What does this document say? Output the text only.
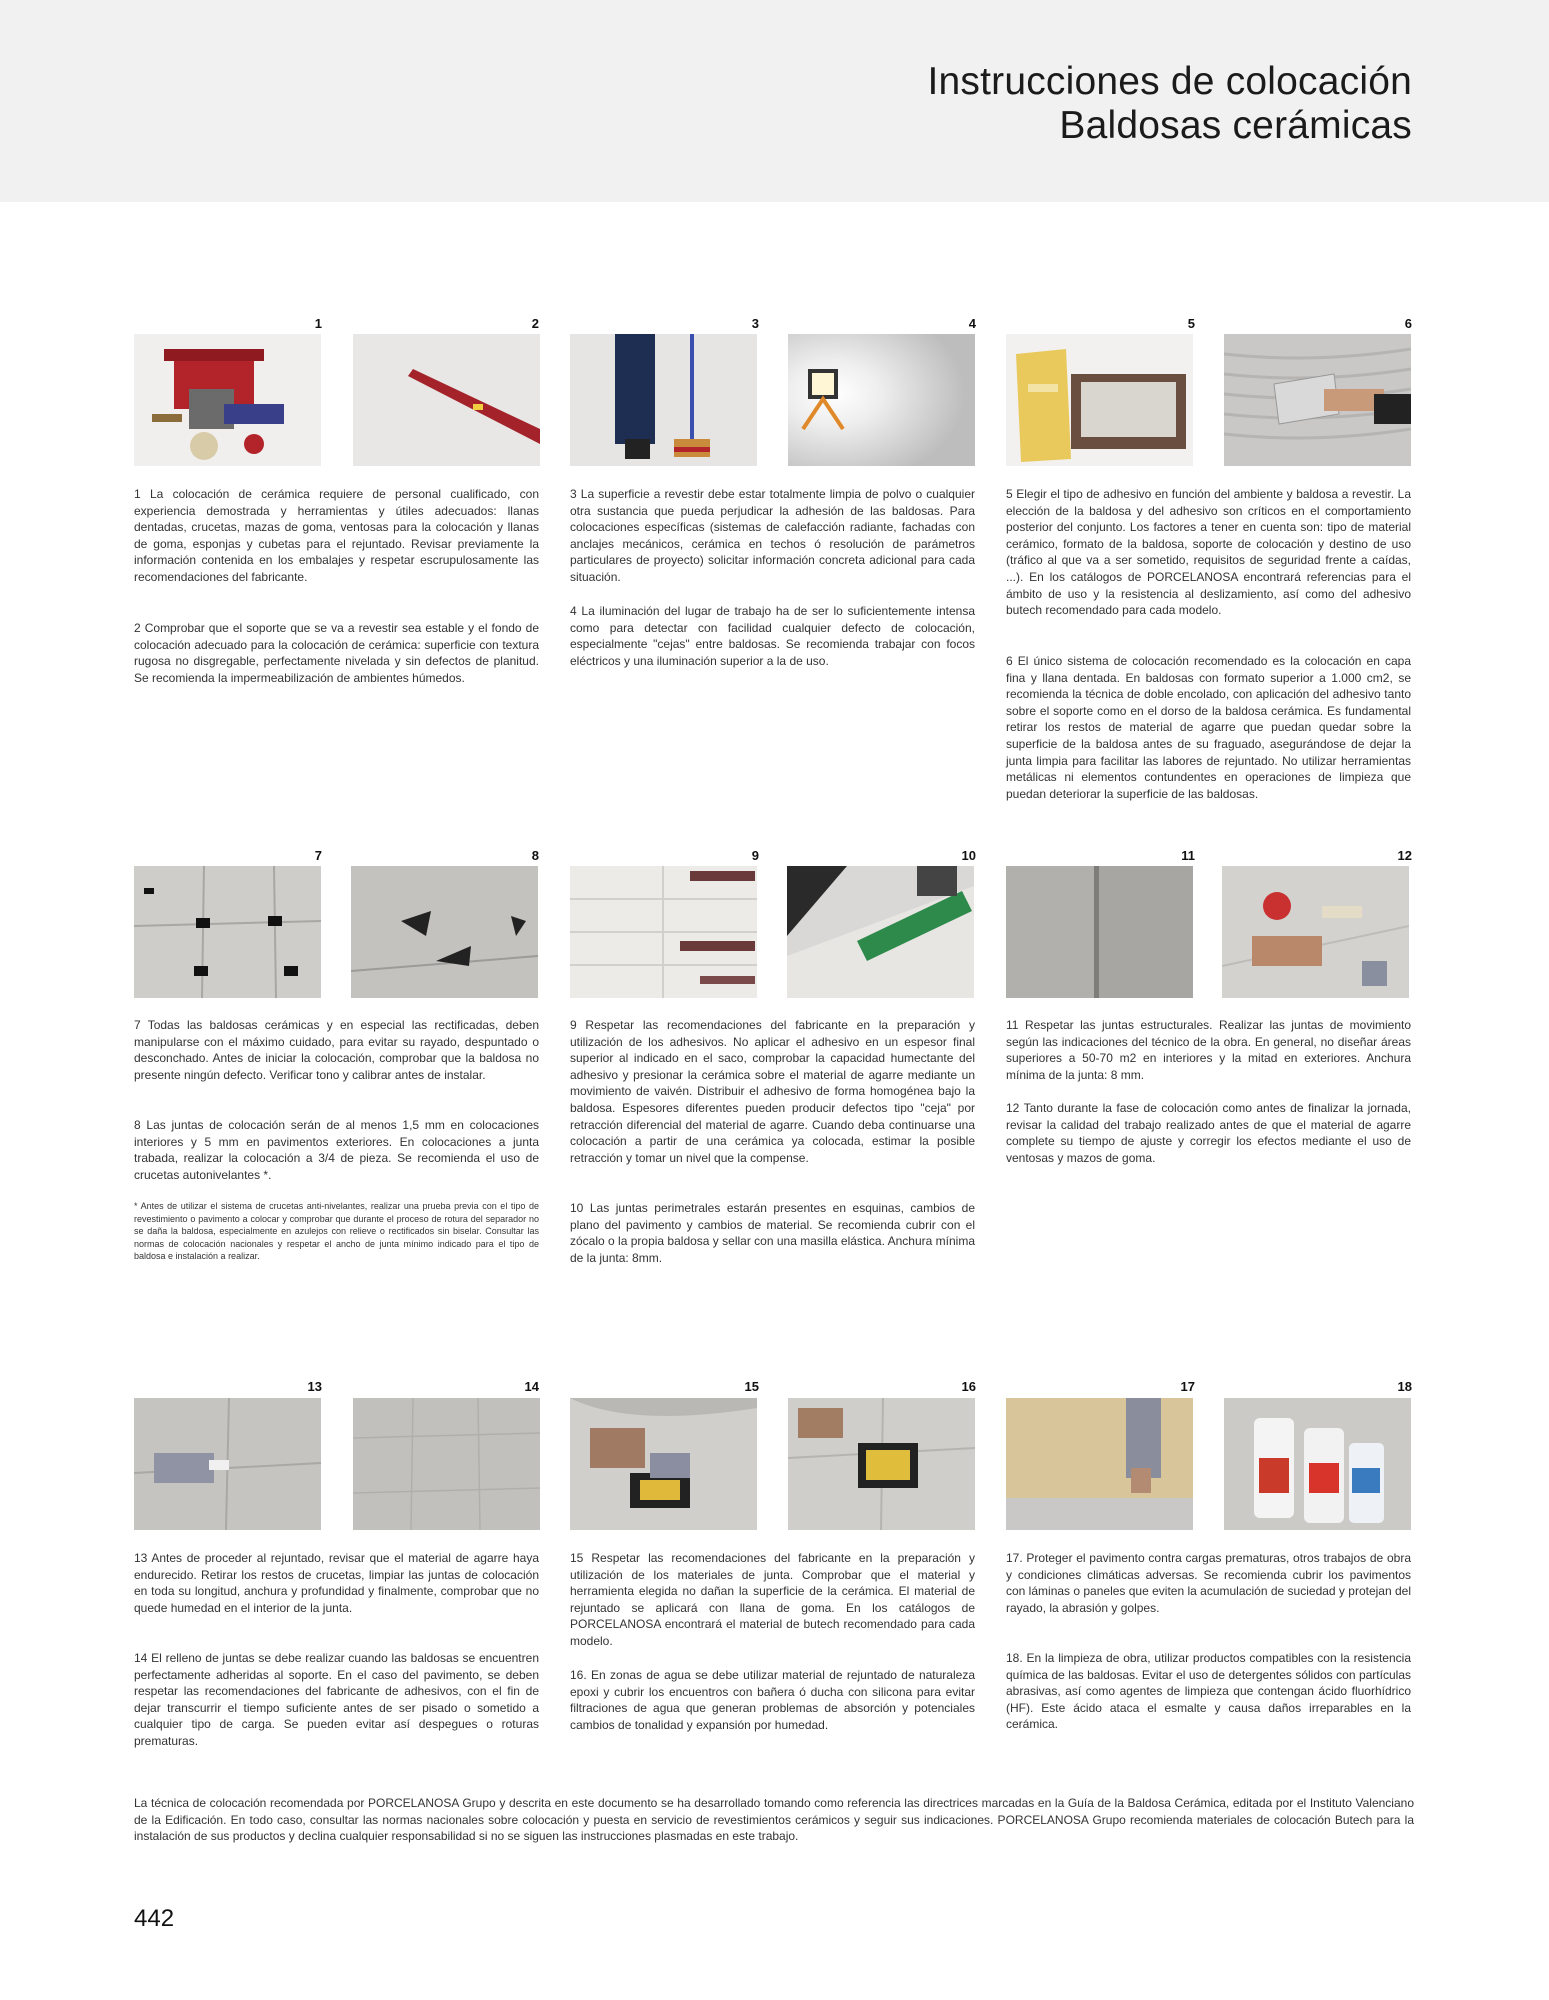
Instrucciones de colocación
Baldosas cerámicas
1	2	3	4	5	6

1 La colocación de cerámica requiere de personal cualificado, con experiencia demostrada y herramientas y útiles adecuados: llanas dentadas, crucetas, mazas de goma, ventosas para la colocación y llanas de goma, esponjas y cubetas para el rejuntado. Revisar previamente la información contenida en los embalajes y respetar escrupulosamente las recomendaciones del fabricante.

2 Comprobar que el soporte que se va a revestir sea estable y el fondo de colocación adecuado para la colocación de cerámica: superficie con textura rugosa no disgregable, perfectamente nivelada y sin defectos de planitud. Se recomienda la impermeabilización de ambientes húmedos.

3 La superficie a revestir debe estar totalmente limpia de polvo o cualquier otra sustancia que pueda perjudicar la adhesión de las baldosas. Para colocaciones específicas (sistemas de calefacción radiante, fachadas con anclajes mecánicos, cerámica en techos ó resolución de parámetros particulares de proyecto) solicitar información concreta adicional para cada situación.

4 La iluminación del lugar de trabajo ha de ser lo suficientemente intensa como para detectar con facilidad cualquier defecto de colocación, especialmente "cejas" entre baldosas. Se recomienda trabajar con focos eléctricos y una iluminación superior a la de uso.

5 Elegir el tipo de adhesivo en función del ambiente y baldosa a revestir. La elección de la baldosa y del adhesivo son críticos en el comportamiento posterior del conjunto. Los factores a tener en cuenta son: tipo de material cerámico, formato de la baldosa, soporte de colocación y destino de uso (tráfico al que va a ser sometido, requisitos de seguridad frente a caídas, ...). En los catálogos de PORCELANOSA encontrará referencias para el ámbito de uso y la resistencia al deslizamiento, así como del adhesivo butech recomendado para cada modelo.

6 El único sistema de colocación recomendado es la colocación en capa fina y llana dentada. En baldosas con formato superior a 1.000 cm2, se recomienda la técnica de doble encolado, con aplicación del adhesivo tanto sobre el soporte como en el dorso de la baldosa cerámica. Es fundamental retirar los restos de material de agarre que puedan quedar sobre la superficie de la baldosa antes de su fraguado, asegurándose de dejar la junta limpia para facilitar las labores de rejuntado. No utilizar herramientas metálicas ni elementos contundentes en operaciones de limpieza que puedan deteriorar la superficie de las baldosas.

7	8	9	10	11	12

7 Todas las baldosas cerámicas y en especial las rectificadas, deben manipularse con el máximo cuidado, para evitar su rayado, despuntado o desconchado. Antes de iniciar la colocación, comprobar que la baldosa no presente ningún defecto. Verificar tono y calibrar antes de instalar.

8 Las juntas de colocación serán de al menos 1,5 mm en colocaciones interiores y 5 mm en pavimentos exteriores. En colocaciones a junta trabada, realizar la colocación a 3/4 de pieza. Se recomienda el uso de crucetas autonivelantes *.

* Antes de utilizar el sistema de crucetas anti-nivelantes, realizar una prueba previa con el tipo de revestimiento o pavimento a colocar y comprobar que durante el proceso de rotura del separador no se daña la baldosa, especialmente en azulejos con relieve o rectificados sin biselar. Consultar las normas de colocación nacionales y respetar el ancho de junta mínimo indicado para el tipo de baldosa e instalación a realizar.

9 Respetar las recomendaciones del fabricante en la preparación y utilización de los adhesivos. No aplicar el adhesivo en un espesor final superior al indicado en el saco, comprobar la capacidad humectante del adhesivo y presionar la cerámica sobre el material de agarre mediante un movimiento de vaivén. Distribuir el adhesivo de forma homogénea bajo la baldosa. Espesores diferentes pueden producir defectos tipo "ceja" por retracción diferencial del material de agarre. Cuando deba continuarse una colocación a partir de una cerámica ya colocada, estimar la posible retracción y tomar un nivel que la compense.

10 Las juntas perimetrales estarán presentes en esquinas, cambios de plano del pavimento y cambios de material. Se recomienda cubrir con el zócalo o la propia baldosa y sellar con una masilla elástica. Anchura mínima de la junta: 8mm.

11 Respetar las juntas estructurales. Realizar las juntas de movimiento según las indicaciones del técnico de la obra. En general, no diseñar áreas superiores a 50-70 m2 en interiores y la mitad en exteriores. Anchura mínima de la junta: 8 mm.

12 Tanto durante la fase de colocación como antes de finalizar la jornada, revisar la calidad del trabajo realizado antes de que el material de agarre complete su tiempo de ajuste y corregir los efectos mediante el uso de ventosas y mazos de goma.

13	14	15	16	17	18

13 Antes de proceder al rejuntado, revisar que el material de agarre haya endurecido. Retirar los restos de crucetas, limpiar las juntas de colocación en toda su longitud, anchura y profundidad y finalmente, comprobar que no quede humedad en el interior de la junta.

14 El relleno de juntas se debe realizar cuando las baldosas se encuentren perfectamente adheridas al soporte. En el caso del pavimento, se deben respetar las recomendaciones del fabricante de adhesivos, con el fin de dejar transcurrir el tiempo suficiente antes de ser pisado o sometido a cualquier tipo de carga. Se pueden evitar así despegues o roturas prematuras.

15 Respetar las recomendaciones del fabricante en la preparación y utilización de los materiales de junta. Comprobar que el material y herramienta elegida no dañan la superficie de la cerámica. El material de rejuntado se aplicará con llana de goma. En los catálogos de PORCELANOSA encontrará el material de butech recomendado para cada modelo.

16. En zonas de agua se debe utilizar material de rejuntado de naturaleza epoxi y cubrir los encuentros con bañera ó ducha con silicona para evitar filtraciones de agua que generan problemas de absorción y potenciales cambios de tonalidad y expansión por humedad.

17. Proteger el pavimento contra cargas prematuras, otros trabajos de obra y condiciones climáticas adversas. Se recomienda cubrir los pavimentos con láminas o paneles que eviten la acumulación de suciedad y protejan del rayado, la abrasión y golpes.

18. En la limpieza de obra, utilizar productos compatibles con la resistencia química de las baldosas. Evitar el uso de detergentes sólidos con partículas abrasivas, así como agentes de limpieza que contengan ácido fluorhídrico (HF). Este ácido ataca el esmalte y causa daños irreparables en la cerámica.

La técnica de colocación recomendada por PORCELANOSA Grupo y descrita en este documento se ha desarrollado tomando como referencia las directrices marcadas en la Guía de la Baldosa Cerámica, editada por el Instituto Valenciano de la Edificación. En todo caso, consultar las normas nacionales sobre colocación y puesta en servicio de revestimientos cerámicos y seguir sus indicaciones. PORCELANOSA Grupo recomienda materiales de colocación Butech para la instalación de sus productos y declina cualquier responsabilidad si no se siguen las instrucciones plasmadas en este trabajo.

442
